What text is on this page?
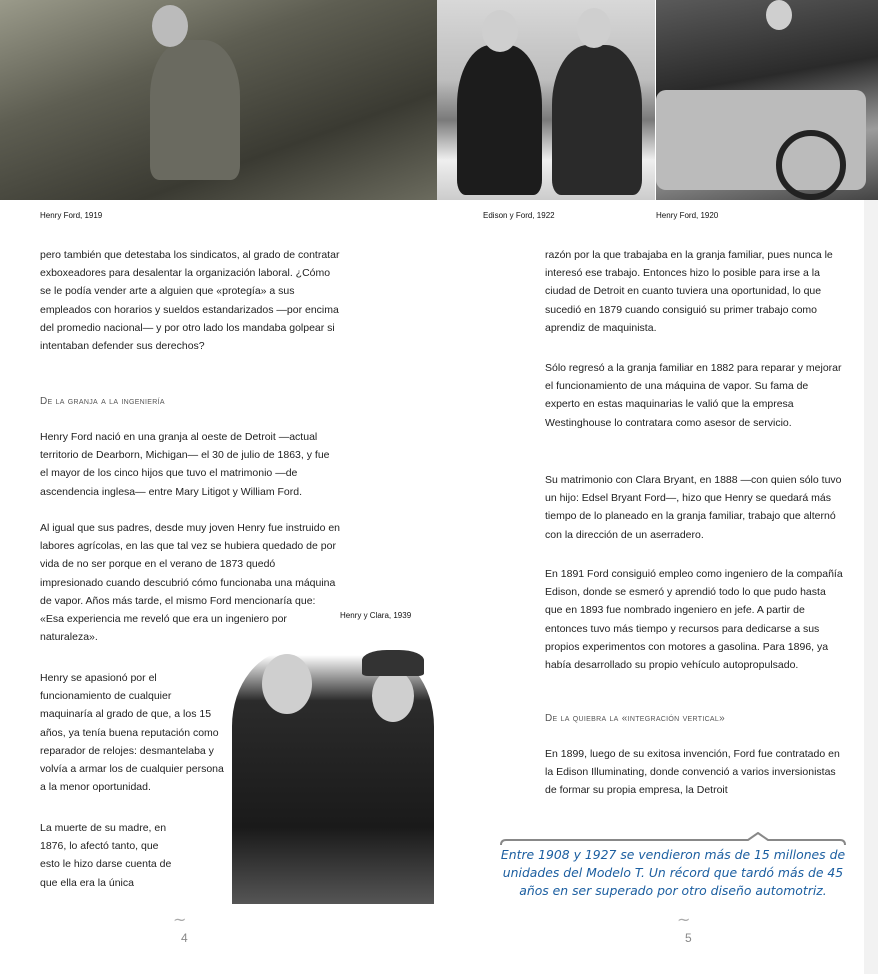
Henry Ford, 1919	Edison y Ford, 1922	Henry Ford, 1920
Henry y Clara, 1939
pero también que detestaba los sindicatos, al grado de contratar exboxeadores para desalentar la organización laboral. ¿Cómo se le podía vender arte a alguien que «protegía» a sus empleados con horarios y sueldos estandarizados —por encima del promedio nacional— y por otro lado los mandaba golpear si intentaban defender sus derechos?
De la granja a la ingeniería
Henry Ford nació en una granja al oeste de Detroit —actual territorio de Dearborn, Michigan— el 30 de julio de 1863, y fue el mayor de los cinco hijos que tuvo el matrimonio —de ascendencia inglesa— entre Mary Litigot y William Ford.
Al igual que sus padres, desde muy joven Henry fue instruido en labores agrícolas, en las que tal vez se hubiera quedado de por vida de no ser porque en el verano de 1873 quedó impresionado cuando descubrió cómo funcionaba una máquina de vapor. Años más tarde, el mismo Ford mencionaría que: «Esa experiencia me reveló que era un ingeniero por naturaleza».
Henry se apasionó por el funcionamiento de cualquier maquinaría al grado de que, a los 15 años, ya tenía buena reputación como reparador de relojes: desmantelaba y volvía a armar los de cualquier persona a la menor oportunidad.
La muerte de su madre, en 1876, lo afectó tanto, que esto le hizo darse cuenta de que ella era la única
~
4
razón por la que trabajaba en la granja familiar, pues nunca le interesó ese trabajo. Entonces hizo lo posible para irse a la ciudad de Detroit en cuanto tuviera una oportunidad, lo que sucedió en 1879 cuando consiguió su primer trabajo como aprendiz de maquinista.
Sólo regresó a la granja familiar en 1882 para reparar y mejorar el funcionamiento de una máquina de vapor. Su fama de experto en estas maquinarias le valió que la empresa Westinghouse lo contratara como asesor de servicio.
Su matrimonio con Clara Bryant, en 1888 —con quien sólo tuvo un hijo: Edsel Bryant Ford—, hizo que Henry se quedará más tiempo de lo planeado en la granja familiar, trabajo que alternó con la dirección de un aserradero.
En 1891 Ford consiguió empleo como ingeniero de la compañía Edison, donde se esmeró y aprendió todo lo que pudo hasta que en 1893 fue nombrado ingeniero en jefe. A partir de entonces tuvo más tiempo y recursos para dedicarse a sus propios experimentos con motores a gasolina. Para 1896, ya había desarrollado su propio vehículo autopropulsado.
De la quiebra la «integración vertical»
En 1899, luego de su exitosa invención, Ford fue contratado en la Edison Illuminating, donde convenció a varios inversionistas de formar su propia empresa, la Detroit
Entre 1908 y 1927 se vendieron más de 15 millones de unidades del Modelo T. Un récord que tardó más de 45 años en ser superado por otro diseño automotriz.
~
5
